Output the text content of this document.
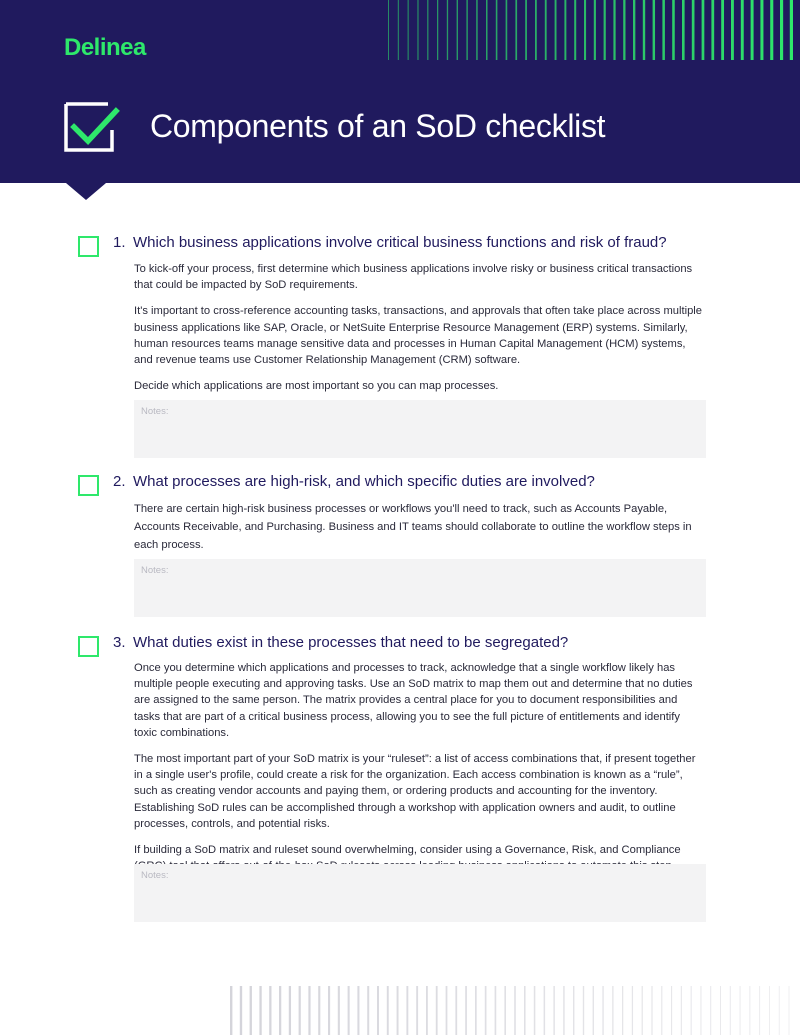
Delinea
Components of an SoD checklist
1. Which business applications involve critical business functions and risk of fraud?

To kick-off your process, first determine which business applications involve risky or business critical transactions that could be impacted by SoD requirements.

It's important to cross-reference accounting tasks, transactions, and approvals that often take place across multiple business applications like SAP, Oracle, or NetSuite Enterprise Resource Management (ERP) systems. Similarly, human resources teams manage sensitive data and processes in Human Capital Management (HCM) systems, and revenue teams use Customer Relationship Management (CRM) software.

Decide which applications are most important so you can map processes.

Notes:
2. What processes are high-risk, and which specific duties are involved?

There are certain high-risk business processes or workflows you'll need to track, such as Accounts Payable, Accounts Receivable, and Purchasing. Business and IT teams should collaborate to outline the workflow steps in each process.

Notes:
3. What duties exist in these processes that need to be segregated?

Once you determine which applications and processes to track, acknowledge that a single workflow likely has multiple people executing and approving tasks. Use an SoD matrix to map them out and determine that no duties are assigned to the same person. The matrix provides a central place for you to document responsibilities and tasks that are part of a critical business process, allowing you to see the full picture of entitlements and identify toxic combinations.

The most important part of your SoD matrix is your “ruleset”: a list of access combinations that, if present together in a single user's profile, could create a risk for the organization. Each access combination is known as a “rule”, such as creating vendor accounts and paying them, or ordering products and accounting for the inventory. Establishing SoD rules can be accomplished through a workshop with application owners and audit, to outline processes, controls, and potential risks.

If building a SoD matrix and ruleset sound overwhelming, consider using a Governance, Risk, and Compliance

Notes:
